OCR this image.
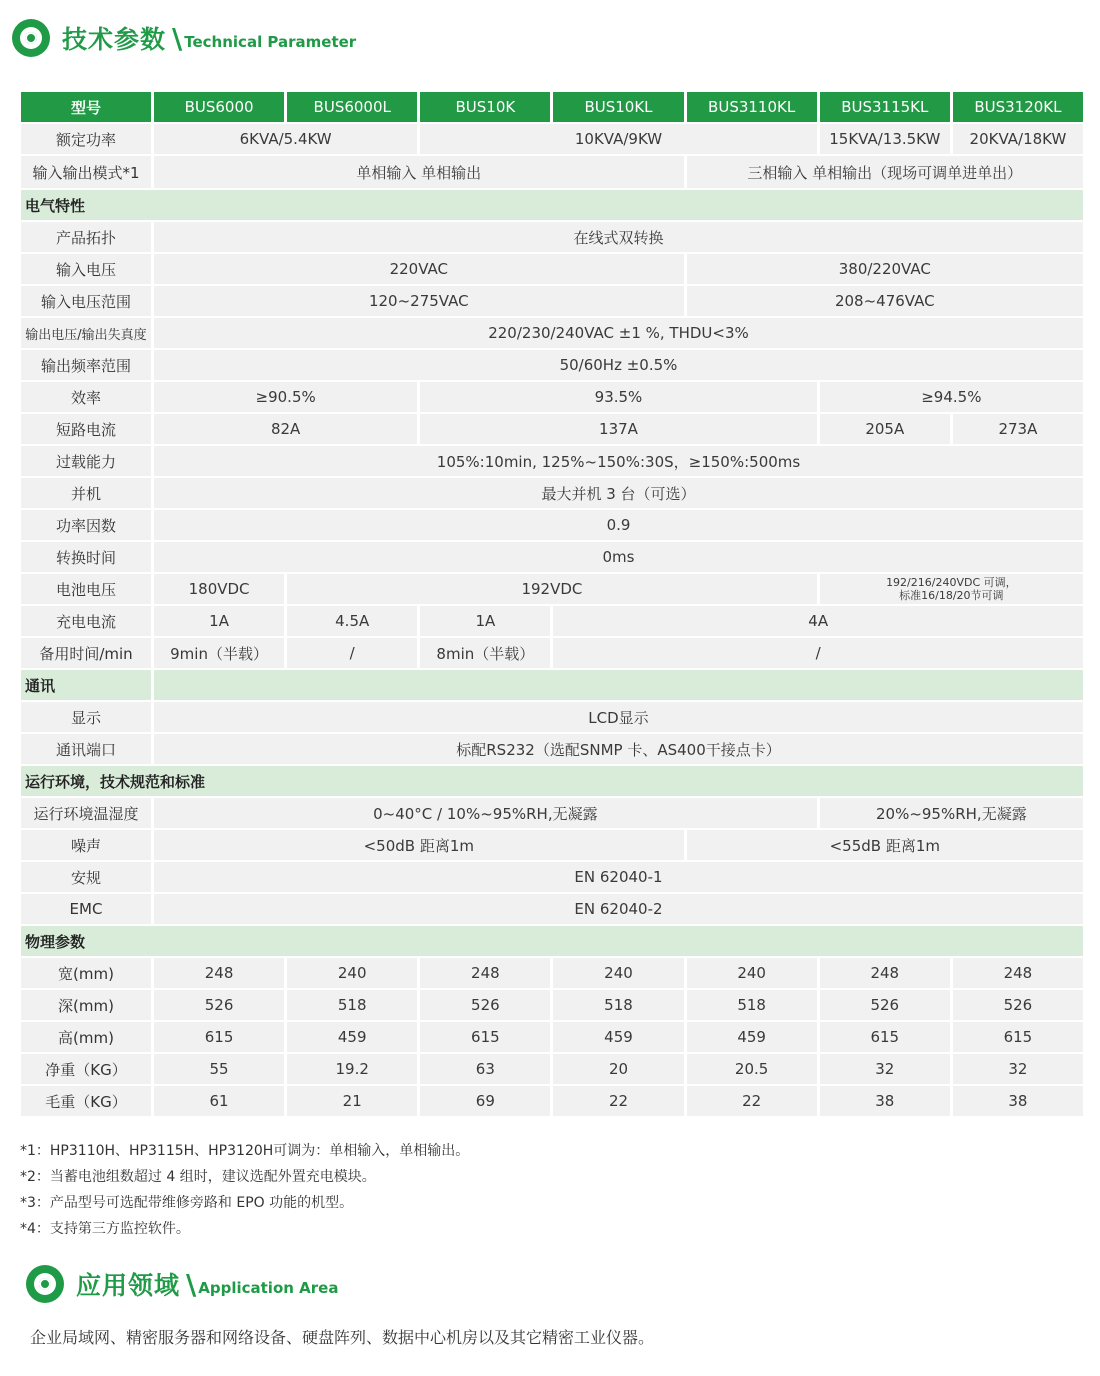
技术参数 \ Technical Parameter
型号	BUS6000	BUS6000L	BUS10K	BUS10KL	BUS3110KL	BUS3115KL	BUS3120KL
额定功率	6KVA/5.4KW		10KVA/9KW			15KVA/13.5KW	20KVA/18KW
输入输出模式*1	单相输入 单相输出				三相输入 单相输出（现场可调单进单出）		
电气特性							
产品拓扑	在线式双转换						
输入电压	220VAC				380/220VAC		
输入电压范围	120~275VAC				208~476VAC		
输出电压/输出失真度	220/230/240VAC ±1 %, THDU<3%						
输出频率范围	50/60Hz ±0.5%						
效率	≥90.5%		93.5%			≥94.5%	
短路电流	82A		137A			205A	273A
过载能力	105%:10min, 125%~150%:30S，≥150%:500ms						
并机	最大并机 3 台（可选）						
功率因数	0.9						
转换时间	0ms						
电池电压	180VDC	192VDC				192/216/240VDC 可调，
标准16/18/20节可调	
充电电流	1A	4.5A	1A	4A			
备用时间/min	9min（半载）	/	8min（半载）	/			
通讯							
显示	LCD显示						
通讯端口	标配RS232（选配SNMP 卡、AS400干接点卡）						
运行环境，技术规范和标准							
运行环境温湿度	0~40°C / 10%~95%RH,无凝露					20%~95%RH,无凝露	
噪声	<50dB 距离1m				<55dB 距离1m		
安规	EN 62040-1						
EMC	EN 62040-2						
物理参数							
宽(mm)	248	240	248	240	240	248	248
深(mm)	526	518	526	518	518	526	526
高(mm)	615	459	615	459	459	615	615
净重（KG）	55	19.2	63	20	20.5	32	32
毛重（KG）	61	21	69	22	22	38	38
*1：HP3110H、HP3115H、HP3120H可调为：单相输入，单相输出。
*2：当蓄电池组数超过 4 组时，建议选配外置充电模块。
*3：产品型号可选配带维修旁路和 EPO 功能的机型。
*4：支持第三方监控软件。
应用领域 \ Application Area
企业局域网、精密服务器和网络设备、硬盘阵列、数据中心机房以及其它精密工业仪器。
